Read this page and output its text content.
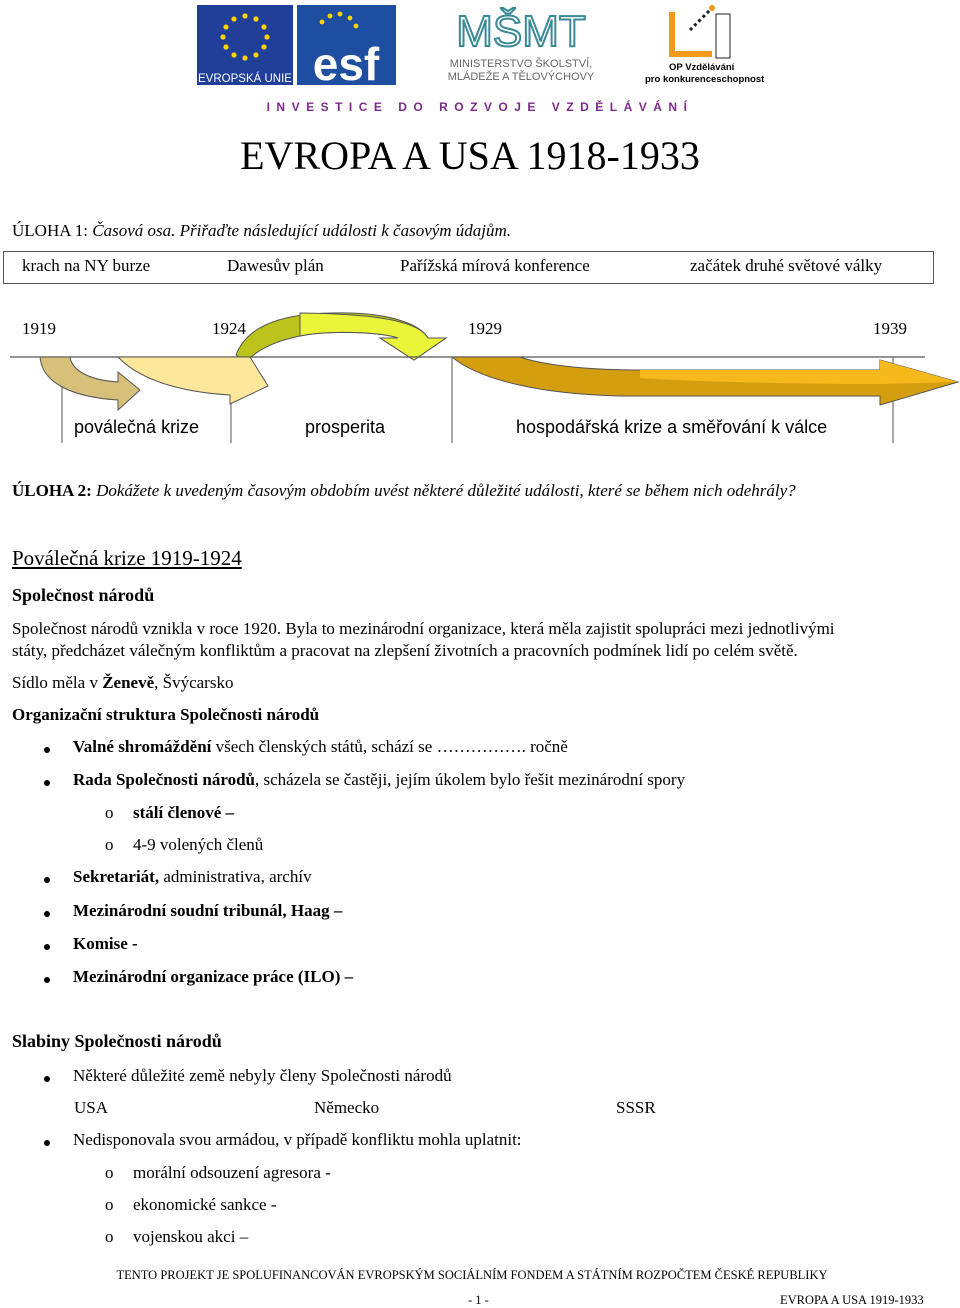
EVROPSKÁ UNIE esf
MŠMT
MINISTERSTVO ŠKOLSTVÍ,
MLÁDEŽE A TĚLOVÝCHOVY
OP Vzdělávání
pro konkurenceschopnost
INVESTICE DO ROZVOJE VZDĚLÁVÁNÍ
EVROPA A USA 1918-1933
ÚLOHA 1: Časová osa. Přiřaďte následující události k časovým údajům.
krach na NY burze	Dawesův plán	Pařížská mírová konference	začátek druhé světové války
1919	1924	1929	1939
poválečná krize	prosperita	hospodářská krize a směřování k válce
ÚLOHA 2: Dokážete k uvedeným časovým obdobím uvést některé důležité události, které se během nich odehrály?
Poválečná krize 1919-1924
Společnost národů
Společnost národů vznikla v roce 1920. Byla to mezinárodní organizace, která měla zajistit spolupráci mezi jednotlivými
státy, předcházet válečným konfliktům a pracovat na zlepšení životních a pracovních podmínek lidí po celém světě.
Sídlo měla v Ženevě, Švýcarsko
Organizační struktura Společnosti národů
Valné shromáždění všech členských států, schází se ……………. ročně
Rada Společnosti národů, scházela se častěji, jejím úkolem bylo řešit mezinárodní spory
o stálí členové –
o 4-9 volených členů
Sekretariát, administrativa, archív
Mezinárodní soudní tribunál, Haag –
Komise -
Mezinárodní organizace práce (ILO) –
Slabiny Společnosti národů
Některé důležité země nebyly členy Společnosti národů
USA	Německo	SSSR
Nedisponovala svou armádou, v případě konfliktu mohla uplatnit:
o morální odsouzení agresora -
o ekonomické sankce -
o vojenskou akci –
TENTO PROJEKT JE SPOLUFINANCOVÁN EVROPSKÝM SOCIÁLNÍM FONDEM A STÁTNÍM ROZPOČTEM ČESKÉ REPUBLIKY
- 1 -	EVROPA A USA 1919-1933
